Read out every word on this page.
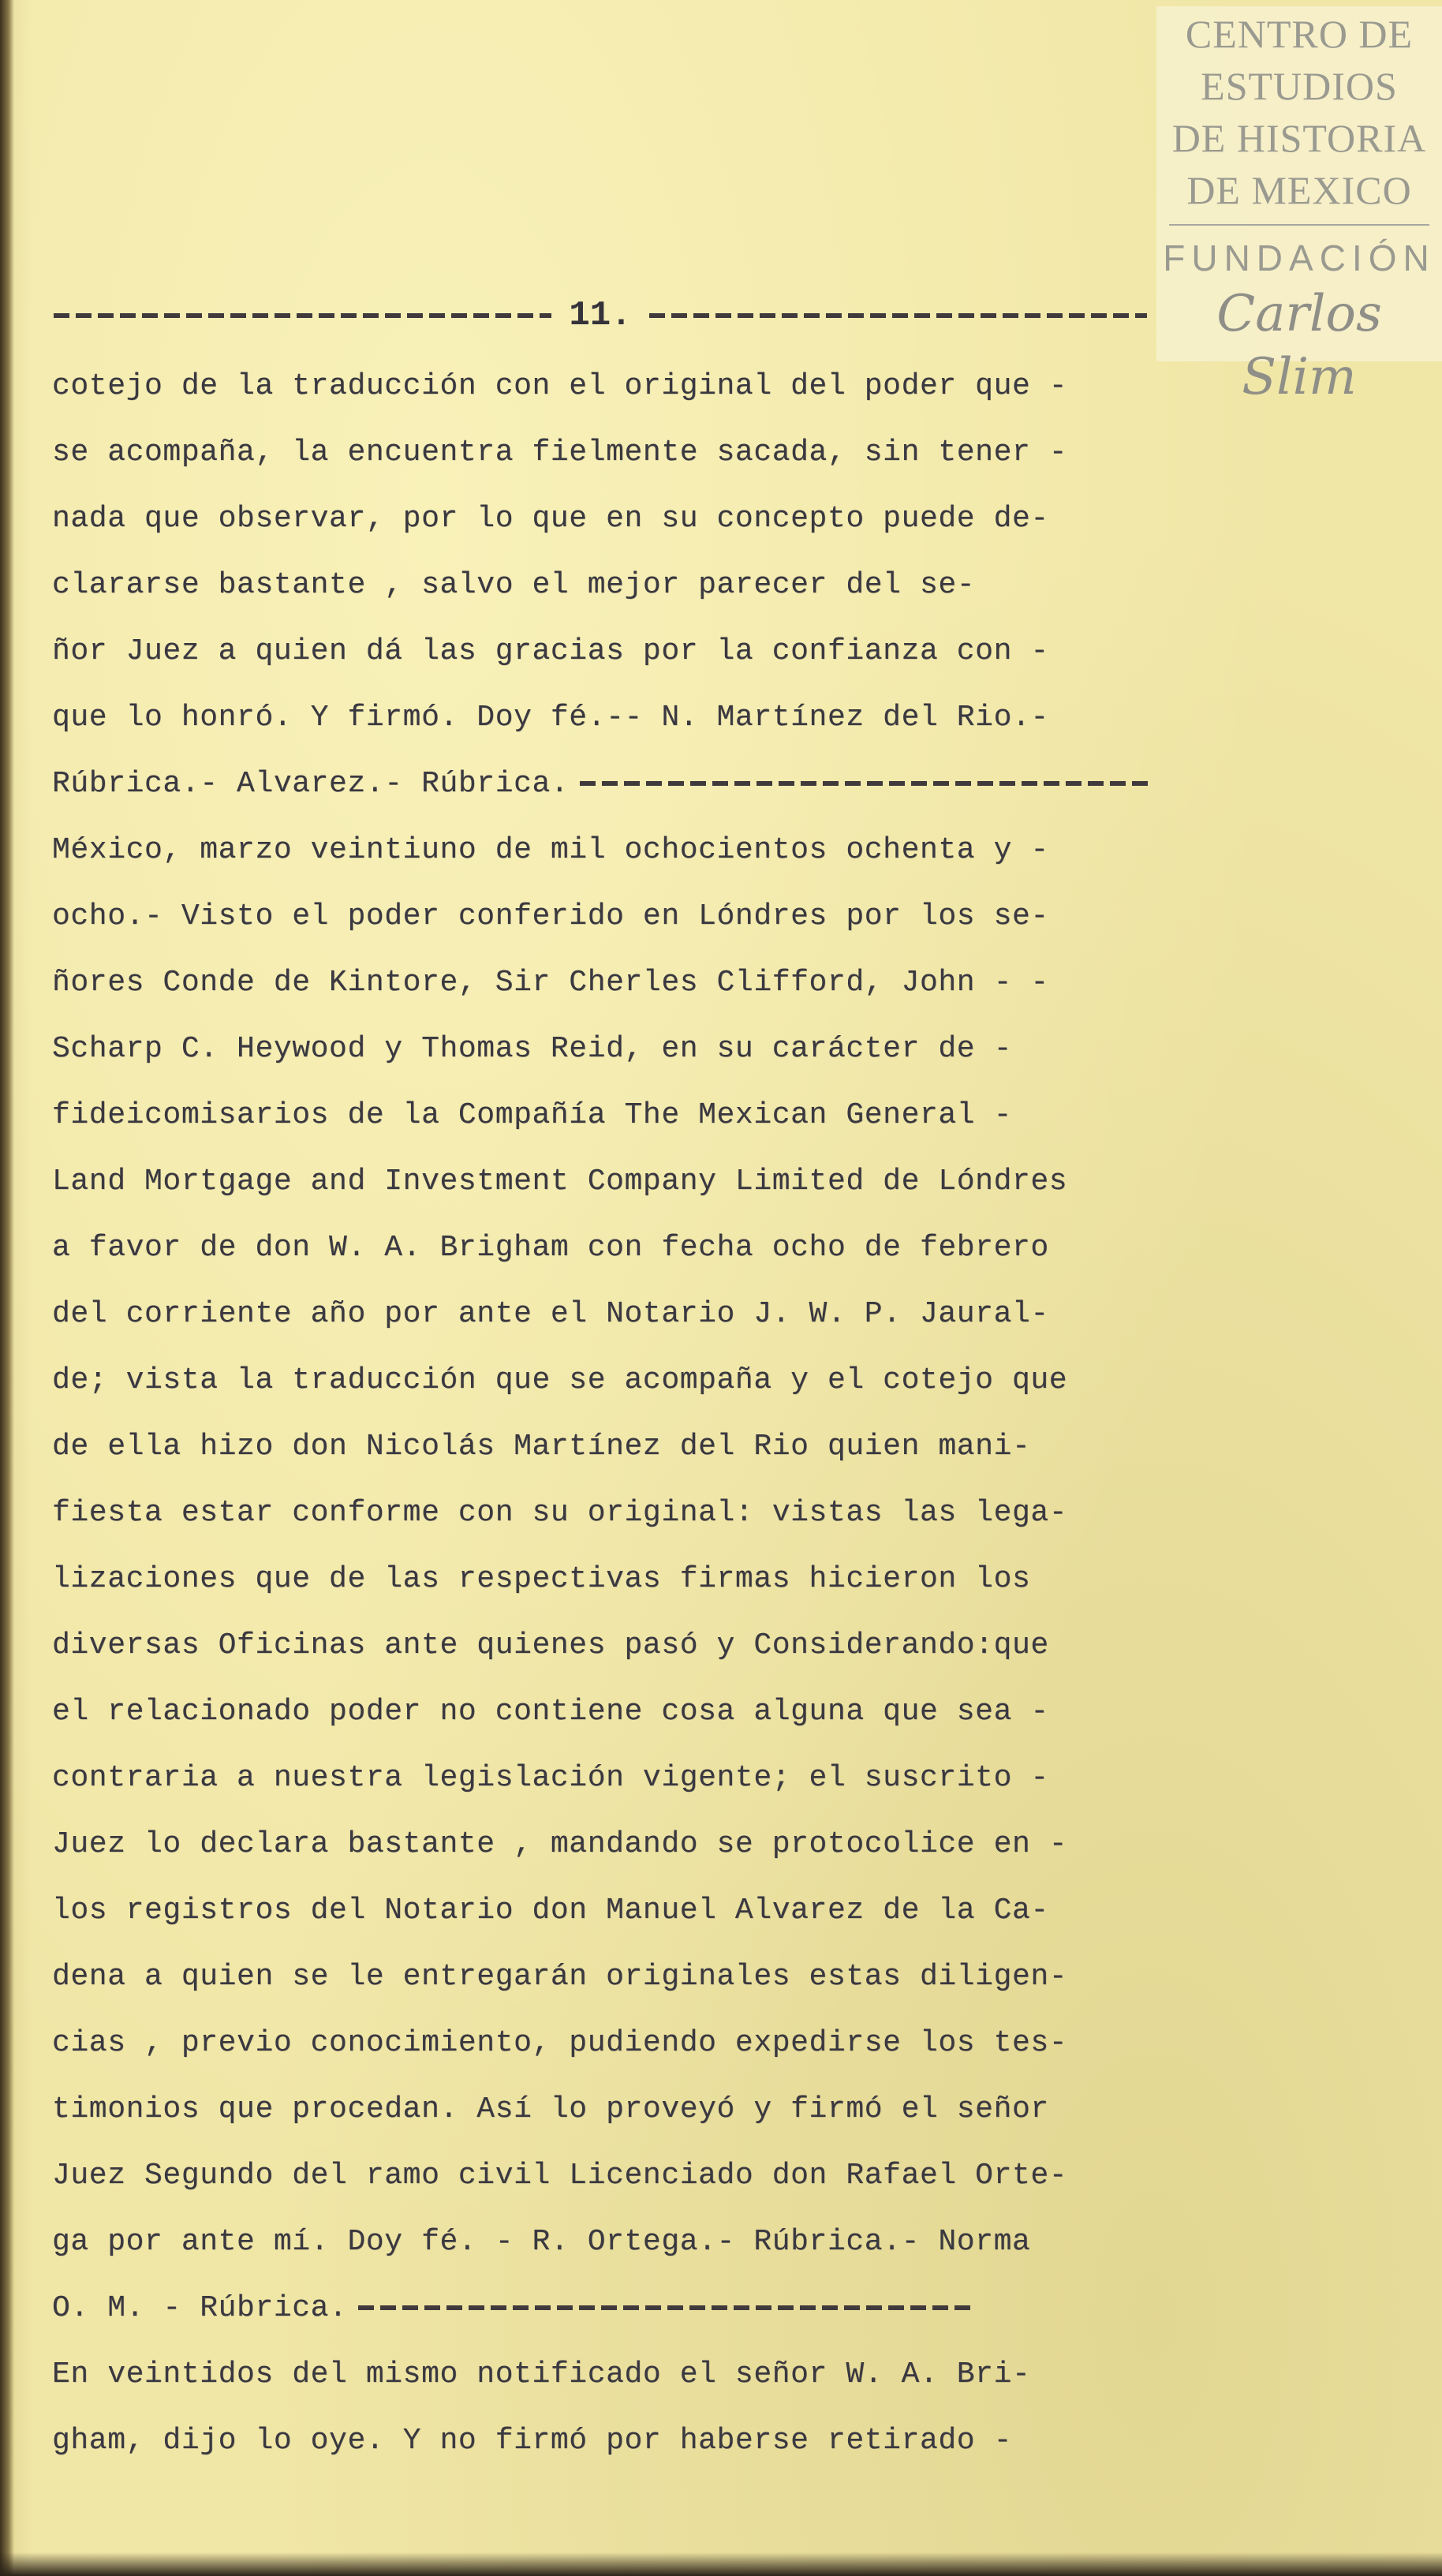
CENTRO DE
ESTUDIOS
DE HISTORIA
DE MEXICO
FUNDACIÓN
Carlos Slim
11.
cotejo de la traducción con el original del poder que -
se acompaña, la encuentra fielmente sacada, sin tener -
nada que observar, por lo que en su concepto puede de-
clararse bastante , salvo el mejor parecer del se-
ñor Juez a quien dá las gracias por la confianza con -
que lo honró. Y firmó. Doy fé.-- N. Martínez del Rio.-
Rúbrica.- Alvarez.- Rúbrica.
México, marzo veintiuno de mil ochocientos ochenta y -
ocho.- Visto el poder conferido en Lóndres por los se-
ñores Conde de Kintore, Sir Cherles Clifford, John - -
Scharp C. Heywood y Thomas Reid, en su carácter de -
fideicomisarios de la Compañía The Mexican General -
Land Mortgage and Investment Company Limited de Lóndres
a favor de don W. A. Brigham con fecha ocho de febrero
del corriente año por ante el Notario J. W. P. Jaural-
de; vista la traducción que se acompaña y el cotejo que
de ella hizo don Nicolás Martínez del Rio quien mani-
fiesta estar conforme con su original: vistas las lega-
lizaciones que de las respectivas firmas hicieron los
diversas Oficinas ante quienes pasó y Considerando:que
el relacionado poder no contiene cosa alguna que sea -
contraria a nuestra legislación vigente; el suscrito -
Juez lo declara bastante , mandando se protocolice en -
los registros del Notario don Manuel Alvarez de la Ca-
dena a quien se le entregarán originales estas diligen-
cias , previo conocimiento, pudiendo expedirse los tes-
timonios que procedan. Así lo proveyó y firmó el señor
Juez Segundo del ramo civil Licenciado don Rafael Orte-
ga por ante mí. Doy fé. - R. Ortega.- Rúbrica.- Norma
O. M. - Rúbrica.
En veintidos del mismo notificado el señor W. A. Bri-
gham, dijo lo oye. Y no firmó por haberse retirado -
